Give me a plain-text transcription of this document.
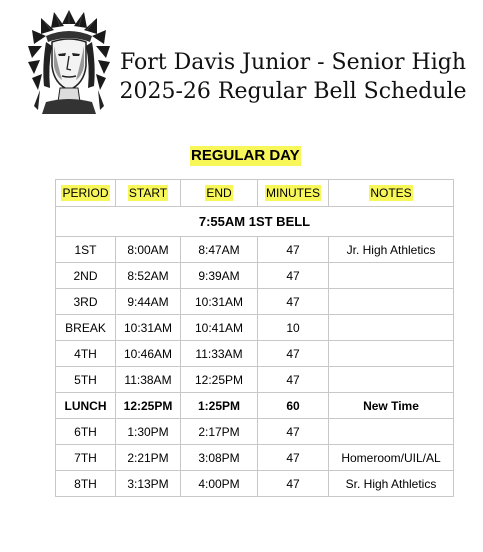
Fort Davis Junior - Senior High
2025-26 Regular Bell Schedule
REGULAR DAY
PERIOD	START	END	MINUTES	NOTES
7:55AM 1ST BELL				
1ST	8:00AM	8:47AM	47	Jr. High Athletics
2ND	8:52AM	9:39AM	47	
3RD	9:44AM	10:31AM	47	
BREAK	10:31AM	10:41AM	10	
4TH	10:46AM	11:33AM	47	
5TH	11:38AM	12:25PM	47	
LUNCH	12:25PM	1:25PM	60	New Time
6TH	1:30PM	2:17PM	47	
7TH	2:21PM	3:08PM	47	Homeroom/UIL/AL
8TH	3:13PM	4:00PM	47	Sr. High Athletics
